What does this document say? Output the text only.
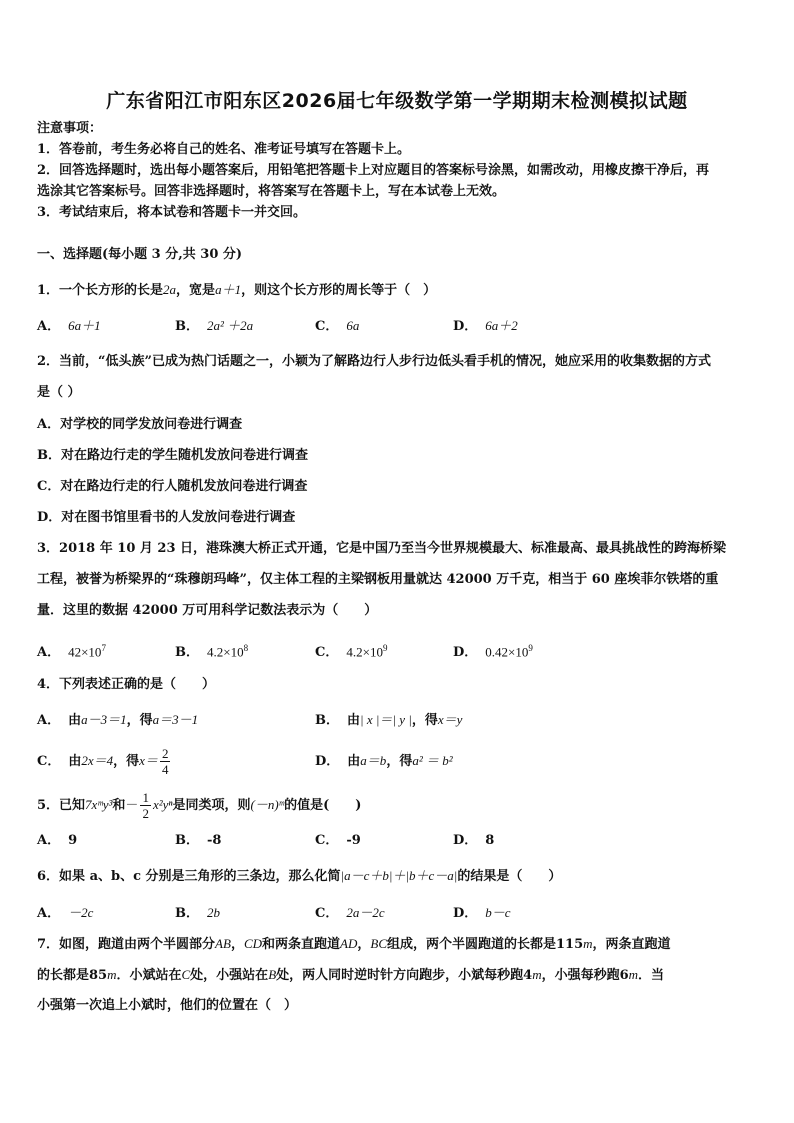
广东省阳江市阳东区2026届七年级数学第一学期期末检测模拟试题
注意事项：
1．答卷前，考生务必将自己的姓名、准考证号填写在答题卡上。
2．回答选择题时，选出每小题答案后，用铅笔把答题卡上对应题目的答案标号涂黑，如需改动，用橡皮擦干净后，再
选涂其它答案标号。回答非选择题时，将答案写在答题卡上，写在本试卷上无效。
3．考试结束后，将本试卷和答题卡一并交回。
一、选择题(每小题 3 分,共 30 分)
1．一个长方形的长是2a，宽是a＋1，则这个长方形的周长等于（　）
A． 6a＋1	B． 2a² ＋2a	C． 6a	D． 6a＋2
2．当前，“低头族”已成为热门话题之一，小颖为了解路边行人步行边低头看手机的情况，她应采用的收集数据的方式
是（ ）
A．对学校的同学发放问卷进行调查
B．对在路边行走的学生随机发放问卷进行调查
C．对在路边行走的行人随机发放问卷进行调查
D．对在图书馆里看书的人发放问卷进行调查
3．2018 年 10 月 23 日，港珠澳大桥正式开通，它是中国乃至当今世界规模最大、标准最高、最具挑战性的跨海桥梁
工程，被誉为桥梁界的“珠穆朗玛峰”，仅主体工程的主梁钢板用量就达 42000 万千克，相当于 60 座埃菲尔铁塔的重
量．这里的数据 42000 万可用科学记数法表示为（　　）
A． $42\times 10^7$	B． $4.2\times 10^8$	C． $4.2\times 10^9$	D． $0.42\times 10^9$
4．下列表述正确的是（　　）
A． 由a－3＝1，得a＝3－1	B． 由| x |＝| y |，得x＝y
C． 由2x＝4，得$x= \frac{2}{4}$	D． 由a＝b，得a² ＝ b²
5．已知7xᵐy³和－ $\frac{1}{2} x^2y^n$是同类项，则(－n)ᵐ的值是(　　)
A． 9	B． -8	C． -9	D． 8
6．如果 a、b、c 分别是三角形的三条边，那么化简|a－c＋b|＋|b＋c－a|的结果是（　　）
A． －2c	B． 2b	C． 2a－2c	D． b－c
7．如图，跑道由两个半圆部分AB，CD和两条直跑道AD，BC组成，两个半圆跑道的长都是115m，两条直跑道
的长都是85m．小斌站在C处，小强站在B处，两人同时逆时针方向跑步，小斌每秒跑4m，小强每秒跑6m．当
小强第一次追上小斌时，他们的位置在（　）
